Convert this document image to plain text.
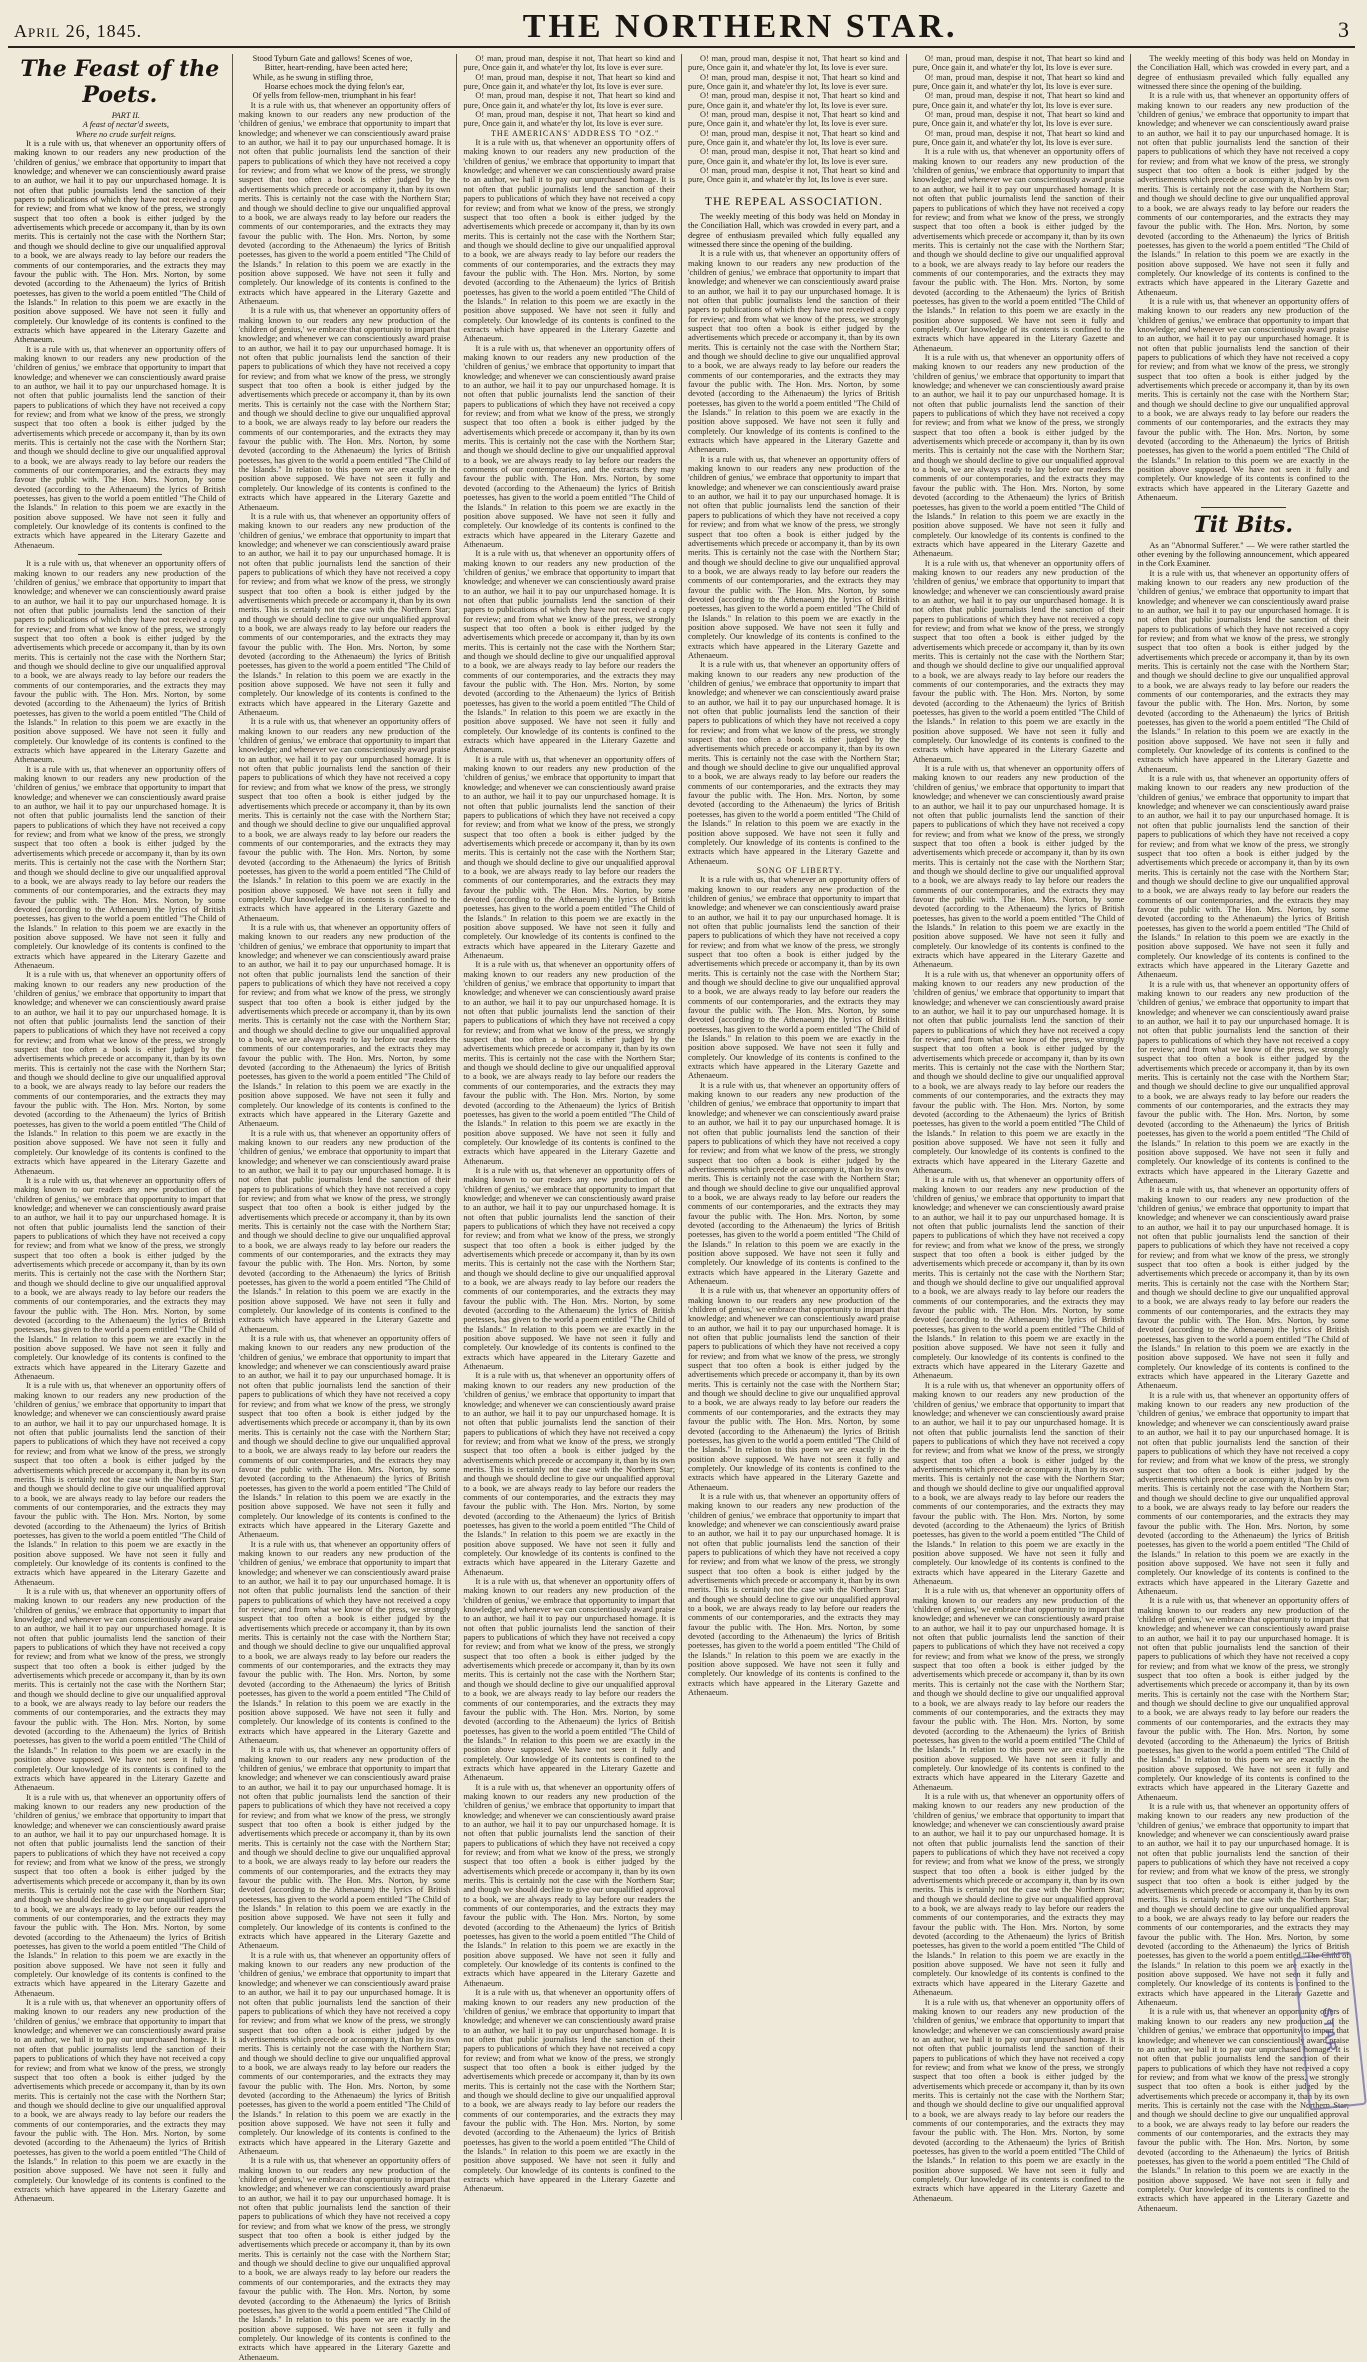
April 26, 1845.	THE NORTHERN STAR.	3
The Feast of the Poets.

PART II.

A feast of nectar'd sweets,

Where no crude surfeit reigns.

It is a rule with us, that whenever an opportunity offers of making known to our readers any new production of the 'children of genius,' we embrace that opportunity to impart that knowledge; and whenever we can conscientiously award praise to an author, we hail it to pay our unpurchased homage. It is not often that public journalists lend the sanction of their papers to publications of which they have not received a copy for review; and from what we know of the press, we strongly suspect that too often a book is either judged by the advertisements which precede or accompany it, than by its own merits. This is certainly not the case with the Northern Star; and though we should decline to give our unqualified approval to a book, we are always ready to lay before our readers the comments of our contemporaries, and the extracts they may favour the public with. The Hon. Mrs. Norton, by some devoted (according to the Athenaeum) the lyrics of British poetesses, has given to the world a poem entitled "The Child of the Islands." In relation to this poem we are exactly in the position above supposed. We have not seen it fully and completely. Our knowledge of its contents is confined to the extracts which have appeared in the Literary Gazette and Athenaeum.

It is a rule with us, that whenever an opportunity offers of making known to our readers any new production of the 'children of genius,' we embrace that opportunity to impart that knowledge; and whenever we can conscientiously award praise to an author, we hail it to pay our unpurchased homage. It is not often that public journalists lend the sanction of their papers to publications of which they have not received a copy for review; and from what we know of the press, we strongly suspect that too often a book is either judged by the advertisements which precede or accompany it, than by its own merits. This is certainly not the case with the Northern Star; and though we should decline to give our unqualified approval to a book, we are always ready to lay before our readers the comments of our contemporaries, and the extracts they may favour the public with. The Hon. Mrs. Norton, by some devoted (according to the Athenaeum) the lyrics of British poetesses, has given to the world a poem entitled "The Child of the Islands." In relation to this poem we are exactly in the position above supposed. We have not seen it fully and completely. Our knowledge of its contents is confined to the extracts which have appeared in the Literary Gazette and Athenaeum.

It is a rule with us, that whenever an opportunity offers of making known to our readers any new production of the 'children of genius,' we embrace that opportunity to impart that knowledge; and whenever we can conscientiously award praise to an author, we hail it to pay our unpurchased homage. It is not often that public journalists lend the sanction of their papers to publications of which they have not received a copy for review; and from what we know of the press, we strongly suspect that too often a book is either judged by the advertisements which precede or accompany it, than by its own merits. This is certainly not the case with the Northern Star; and though we should decline to give our unqualified approval to a book, we are always ready to lay before our readers the comments of our contemporaries, and the extracts they may favour the public with. The Hon. Mrs. Norton, by some devoted (according to the Athenaeum) the lyrics of British poetesses, has given to the world a poem entitled "The Child of the Islands." In relation to this poem we are exactly in the position above supposed. We have not seen it fully and completely. Our knowledge of its contents is confined to the extracts which have appeared in the Literary Gazette and Athenaeum.

It is a rule with us, that whenever an opportunity offers of making known to our readers any new production of the 'children of genius,' we embrace that opportunity to impart that knowledge; and whenever we can conscientiously award praise to an author, we hail it to pay our unpurchased homage. It is not often that public journalists lend the sanction of their papers to publications of which they have not received a copy for review; and from what we know of the press, we strongly suspect that too often a book is either judged by the advertisements which precede or accompany it, than by its own merits. This is certainly not the case with the Northern Star; and though we should decline to give our unqualified approval to a book, we are always ready to lay before our readers the comments of our contemporaries, and the extracts they may favour the public with. The Hon. Mrs. Norton, by some devoted (according to the Athenaeum) the lyrics of British poetesses, has given to the world a poem entitled "The Child of the Islands." In relation to this poem we are exactly in the position above supposed. We have not seen it fully and completely. Our knowledge of its contents is confined to the extracts which have appeared in the Literary Gazette and Athenaeum.

It is a rule with us, that whenever an opportunity offers of making known to our readers any new production of the 'children of genius,' we embrace that opportunity to impart that knowledge; and whenever we can conscientiously award praise to an author, we hail it to pay our unpurchased homage. It is not often that public journalists lend the sanction of their papers to publications of which they have not received a copy for review; and from what we know of the press, we strongly suspect that too often a book is either judged by the advertisements which precede or accompany it, than by its own merits. This is certainly not the case with the Northern Star; and though we should decline to give our unqualified approval to a book, we are always ready to lay before our readers the comments of our contemporaries, and the extracts they may favour the public with. The Hon. Mrs. Norton, by some devoted (according to the Athenaeum) the lyrics of British poetesses, has given to the world a poem entitled "The Child of the Islands." In relation to this poem we are exactly in the position above supposed. We have not seen it fully and completely. Our knowledge of its contents is confined to the extracts which have appeared in the Literary Gazette and Athenaeum.

It is a rule with us, that whenever an opportunity offers of making known to our readers any new production of the 'children of genius,' we embrace that opportunity to impart that knowledge; and whenever we can conscientiously award praise to an author, we hail it to pay our unpurchased homage. It is not often that public journalists lend the sanction of their papers to publications of which they have not received a copy for review; and from what we know of the press, we strongly suspect that too often a book is either judged by the advertisements which precede or accompany it, than by its own merits. This is certainly not the case with the Northern Star; and though we should decline to give our unqualified approval to a book, we are always ready to lay before our readers the comments of our contemporaries, and the extracts they may favour the public with. The Hon. Mrs. Norton, by some devoted (according to the Athenaeum) the lyrics of British poetesses, has given to the world a poem entitled "The Child of the Islands." In relation to this poem we are exactly in the position above supposed. We have not seen it fully and completely. Our knowledge of its contents is confined to the extracts which have appeared in the Literary Gazette and Athenaeum.

It is a rule with us, that whenever an opportunity offers of making known to our readers any new production of the 'children of genius,' we embrace that opportunity to impart that knowledge; and whenever we can conscientiously award praise to an author, we hail it to pay our unpurchased homage. It is not often that public journalists lend the sanction of their papers to publications of which they have not received a copy for review; and from what we know of the press, we strongly suspect that too often a book is either judged by the advertisements which precede or accompany it, than by its own merits. This is certainly not the case with the Northern Star; and though we should decline to give our unqualified approval to a book, we are always ready to lay before our readers the comments of our contemporaries, and the extracts they may favour the public with. The Hon. Mrs. Norton, by some devoted (according to the Athenaeum) the lyrics of British poetesses, has given to the world a poem entitled "The Child of the Islands." In relation to this poem we are exactly in the position above supposed. We have not seen it fully and completely. Our knowledge of its contents is confined to the extracts which have appeared in the Literary Gazette and Athenaeum.

It is a rule with us, that whenever an opportunity offers of making known to our readers any new production of the 'children of genius,' we embrace that opportunity to impart that knowledge; and whenever we can conscientiously award praise to an author, we hail it to pay our unpurchased homage. It is not often that public journalists lend the sanction of their papers to publications of which they have not received a copy for review; and from what we know of the press, we strongly suspect that too often a book is either judged by the advertisements which precede or accompany it, than by its own merits. This is certainly not the case with the Northern Star; and though we should decline to give our unqualified approval to a book, we are always ready to lay before our readers the comments of our contemporaries, and the extracts they may favour the public with. The Hon. Mrs. Norton, by some devoted (according to the Athenaeum) the lyrics of British poetesses, has given to the world a poem entitled "The Child of the Islands." In relation to this poem we are exactly in the position above supposed. We have not seen it fully and completely. Our knowledge of its contents is confined to the extracts which have appeared in the Literary Gazette and Athenaeum.

It is a rule with us, that whenever an opportunity offers of making known to our readers any new production of the 'children of genius,' we embrace that opportunity to impart that knowledge; and whenever we can conscientiously award praise to an author, we hail it to pay our unpurchased homage. It is not often that public journalists lend the sanction of their papers to publications of which they have not received a copy for review; and from what we know of the press, we strongly suspect that too often a book is either judged by the advertisements which precede or accompany it, than by its own merits. This is certainly not the case with the Northern Star; and though we should decline to give our unqualified approval to a book, we are always ready to lay before our readers the comments of our contemporaries, and the extracts they may favour the public with. The Hon. Mrs. Norton, by some devoted (according to the Athenaeum) the lyrics of British poetesses, has given to the world a poem entitled "The Child of the Islands." In relation to this poem we are exactly in the position above supposed. We have not seen it fully and completely. Our knowledge of its contents is confined to the extracts which have appeared in the Literary Gazette and Athenaeum.

It is a rule with us, that whenever an opportunity offers of making known to our readers any new production of the 'children of genius,' we embrace that opportunity to impart that knowledge; and whenever we can conscientiously award praise to an author, we hail it to pay our unpurchased homage. It is not often that public journalists lend the sanction of their papers to publications of which they have not received a copy for review; and from what we know of the press, we strongly suspect that too often a book is either judged by the advertisements which precede or accompany it, than by its own merits. This is certainly not the case with the Northern Star; and though we should decline to give our unqualified approval to a book, we are always ready to lay before our readers the comments of our contemporaries, and the extracts they may favour the public with. The Hon. Mrs. Norton, by some devoted (according to the Athenaeum) the lyrics of British poetesses, has given to the world a poem entitled "The Child of the Islands." In relation to this poem we are exactly in the position above supposed. We have not seen it fully and completely. Our knowledge of its contents is confined to the extracts which have appeared in the Literary Gazette and Athenaeum.

Stood Tyburn Gate and gallows! Scenes of woe,

Bitter, heart-rending, have been acted here;

While, as he swung in stifling throe,

Hoarse echoes mock the dying felon's ear,

Of yells from fellow-men, triumphant in his fear!

It is a rule with us, that whenever an opportunity offers of making known to our readers any new production of the 'children of genius,' we embrace that opportunity to impart that knowledge; and whenever we can conscientiously award praise to an author, we hail it to pay our unpurchased homage. It is not often that public journalists lend the sanction of their papers to publications of which they have not received a copy for review; and from what we know of the press, we strongly suspect that too often a book is either judged by the advertisements which precede or accompany it, than by its own merits. This is certainly not the case with the Northern Star; and though we should decline to give our unqualified approval to a book, we are always ready to lay before our readers the comments of our contemporaries, and the extracts they may favour the public with. The Hon. Mrs. Norton, by some devoted (according to the Athenaeum) the lyrics of British poetesses, has given to the world a poem entitled "The Child of the Islands." In relation to this poem we are exactly in the position above supposed. We have not seen it fully and completely. Our knowledge of its contents is confined to the extracts which have appeared in the Literary Gazette and Athenaeum.

It is a rule with us, that whenever an opportunity offers of making known to our readers any new production of the 'children of genius,' we embrace that opportunity to impart that knowledge; and whenever we can conscientiously award praise to an author, we hail it to pay our unpurchased homage. It is not often that public journalists lend the sanction of their papers to publications of which they have not received a copy for review; and from what we know of the press, we strongly suspect that too often a book is either judged by the advertisements which precede or accompany it, than by its own merits. This is certainly not the case with the Northern Star; and though we should decline to give our unqualified approval to a book, we are always ready to lay before our readers the comments of our contemporaries, and the extracts they may favour the public with. The Hon. Mrs. Norton, by some devoted (according to the Athenaeum) the lyrics of British poetesses, has given to the world a poem entitled "The Child of the Islands." In relation to this poem we are exactly in the position above supposed. We have not seen it fully and completely. Our knowledge of its contents is confined to the extracts which have appeared in the Literary Gazette and Athenaeum.

It is a rule with us, that whenever an opportunity offers of making known to our readers any new production of the 'children of genius,' we embrace that opportunity to impart that knowledge; and whenever we can conscientiously award praise to an author, we hail it to pay our unpurchased homage. It is not often that public journalists lend the sanction of their papers to publications of which they have not received a copy for review; and from what we know of the press, we strongly suspect that too often a book is either judged by the advertisements which precede or accompany it, than by its own merits. This is certainly not the case with the Northern Star; and though we should decline to give our unqualified approval to a book, we are always ready to lay before our readers the comments of our contemporaries, and the extracts they may favour the public with. The Hon. Mrs. Norton, by some devoted (according to the Athenaeum) the lyrics of British poetesses, has given to the world a poem entitled "The Child of the Islands." In relation to this poem we are exactly in the position above supposed. We have not seen it fully and completely. Our knowledge of its contents is confined to the extracts which have appeared in the Literary Gazette and Athenaeum.

It is a rule with us, that whenever an opportunity offers of making known to our readers any new production of the 'children of genius,' we embrace that opportunity to impart that knowledge; and whenever we can conscientiously award praise to an author, we hail it to pay our unpurchased homage. It is not often that public journalists lend the sanction of their papers to publications of which they have not received a copy for review; and from what we know of the press, we strongly suspect that too often a book is either judged by the advertisements which precede or accompany it, than by its own merits. This is certainly not the case with the Northern Star; and though we should decline to give our unqualified approval to a book, we are always ready to lay before our readers the comments of our contemporaries, and the extracts they may favour the public with. The Hon. Mrs. Norton, by some devoted (according to the Athenaeum) the lyrics of British poetesses, has given to the world a poem entitled "The Child of the Islands." In relation to this poem we are exactly in the position above supposed. We have not seen it fully and completely. Our knowledge of its contents is confined to the extracts which have appeared in the Literary Gazette and Athenaeum.

It is a rule with us, that whenever an opportunity offers of making known to our readers any new production of the 'children of genius,' we embrace that opportunity to impart that knowledge; and whenever we can conscientiously award praise to an author, we hail it to pay our unpurchased homage. It is not often that public journalists lend the sanction of their papers to publications of which they have not received a copy for review; and from what we know of the press, we strongly suspect that too often a book is either judged by the advertisements which precede or accompany it, than by its own merits. This is certainly not the case with the Northern Star; and though we should decline to give our unqualified approval to a book, we are always ready to lay before our readers the comments of our contemporaries, and the extracts they may favour the public with. The Hon. Mrs. Norton, by some devoted (according to the Athenaeum) the lyrics of British poetesses, has given to the world a poem entitled "The Child of the Islands." In relation to this poem we are exactly in the position above supposed. We have not seen it fully and completely. Our knowledge of its contents is confined to the extracts which have appeared in the Literary Gazette and Athenaeum.

It is a rule with us, that whenever an opportunity offers of making known to our readers any new production of the 'children of genius,' we embrace that opportunity to impart that knowledge; and whenever we can conscientiously award praise to an author, we hail it to pay our unpurchased homage. It is not often that public journalists lend the sanction of their papers to publications of which they have not received a copy for review; and from what we know of the press, we strongly suspect that too often a book is either judged by the advertisements which precede or accompany it, than by its own merits. This is certainly not the case with the Northern Star; and though we should decline to give our unqualified approval to a book, we are always ready to lay before our readers the comments of our contemporaries, and the extracts they may favour the public with. The Hon. Mrs. Norton, by some devoted (according to the Athenaeum) the lyrics of British poetesses, has given to the world a poem entitled "The Child of the Islands." In relation to this poem we are exactly in the position above supposed. We have not seen it fully and completely. Our knowledge of its contents is confined to the extracts which have appeared in the Literary Gazette and Athenaeum.

It is a rule with us, that whenever an opportunity offers of making known to our readers any new production of the 'children of genius,' we embrace that opportunity to impart that knowledge; and whenever we can conscientiously award praise to an author, we hail it to pay our unpurchased homage. It is not often that public journalists lend the sanction of their papers to publications of which they have not received a copy for review; and from what we know of the press, we strongly suspect that too often a book is either judged by the advertisements which precede or accompany it, than by its own merits. This is certainly not the case with the Northern Star; and though we should decline to give our unqualified approval to a book, we are always ready to lay before our readers the comments of our contemporaries, and the extracts they may favour the public with. The Hon. Mrs. Norton, by some devoted (according to the Athenaeum) the lyrics of British poetesses, has given to the world a poem entitled "The Child of the Islands." In relation to this poem we are exactly in the position above supposed. We have not seen it fully and completely. Our knowledge of its contents is confined to the extracts which have appeared in the Literary Gazette and Athenaeum.

It is a rule with us, that whenever an opportunity offers of making known to our readers any new production of the 'children of genius,' we embrace that opportunity to impart that knowledge; and whenever we can conscientiously award praise to an author, we hail it to pay our unpurchased homage. It is not often that public journalists lend the sanction of their papers to publications of which they have not received a copy for review; and from what we know of the press, we strongly suspect that too often a book is either judged by the advertisements which precede or accompany it, than by its own merits. This is certainly not the case with the Northern Star; and though we should decline to give our unqualified approval to a book, we are always ready to lay before our readers the comments of our contemporaries, and the extracts they may favour the public with. The Hon. Mrs. Norton, by some devoted (according to the Athenaeum) the lyrics of British poetesses, has given to the world a poem entitled "The Child of the Islands." In relation to this poem we are exactly in the position above supposed. We have not seen it fully and completely. Our knowledge of its contents is confined to the extracts which have appeared in the Literary Gazette and Athenaeum.

It is a rule with us, that whenever an opportunity offers of making known to our readers any new production of the 'children of genius,' we embrace that opportunity to impart that knowledge; and whenever we can conscientiously award praise to an author, we hail it to pay our unpurchased homage. It is not often that public journalists lend the sanction of their papers to publications of which they have not received a copy for review; and from what we know of the press, we strongly suspect that too often a book is either judged by the advertisements which precede or accompany it, than by its own merits. This is certainly not the case with the Northern Star; and though we should decline to give our unqualified approval to a book, we are always ready to lay before our readers the comments of our contemporaries, and the extracts they may favour the public with. The Hon. Mrs. Norton, by some devoted (according to the Athenaeum) the lyrics of British poetesses, has given to the world a poem entitled "The Child of the Islands." In relation to this poem we are exactly in the position above supposed. We have not seen it fully and completely. Our knowledge of its contents is confined to the extracts which have appeared in the Literary Gazette and Athenaeum.

It is a rule with us, that whenever an opportunity offers of making known to our readers any new production of the 'children of genius,' we embrace that opportunity to impart that knowledge; and whenever we can conscientiously award praise to an author, we hail it to pay our unpurchased homage. It is not often that public journalists lend the sanction of their papers to publications of which they have not received a copy for review; and from what we know of the press, we strongly suspect that too often a book is either judged by the advertisements which precede or accompany it, than by its own merits. This is certainly not the case with the Northern Star; and though we should decline to give our unqualified approval to a book, we are always ready to lay before our readers the comments of our contemporaries, and the extracts they may favour the public with. The Hon. Mrs. Norton, by some devoted (according to the Athenaeum) the lyrics of British poetesses, has given to the world a poem entitled "The Child of the Islands." In relation to this poem we are exactly in the position above supposed. We have not seen it fully and completely. Our knowledge of its contents is confined to the extracts which have appeared in the Literary Gazette and Athenaeum.

It is a rule with us, that whenever an opportunity offers of making known to our readers any new production of the 'children of genius,' we embrace that opportunity to impart that knowledge; and whenever we can conscientiously award praise to an author, we hail it to pay our unpurchased homage. It is not often that public journalists lend the sanction of their papers to publications of which they have not received a copy for review; and from what we know of the press, we strongly suspect that too often a book is either judged by the advertisements which precede or accompany it, than by its own merits. This is certainly not the case with the Northern Star; and though we should decline to give our unqualified approval to a book, we are always ready to lay before our readers the comments of our contemporaries, and the extracts they may favour the public with. The Hon. Mrs. Norton, by some devoted (according to the Athenaeum) the lyrics of British poetesses, has given to the world a poem entitled "The Child of the Islands." In relation to this poem we are exactly in the position above supposed. We have not seen it fully and completely. Our knowledge of its contents is confined to the extracts which have appeared in the Literary Gazette and Athenaeum.

O! man, proud man, despise it not, That heart so kind and pure, Once gain it, and whate'er thy lot, Its love is ever sure.

O! man, proud man, despise it not, That heart so kind and pure, Once gain it, and whate'er thy lot, Its love is ever sure.

O! man, proud man, despise it not, That heart so kind and pure, Once gain it, and whate'er thy lot, Its love is ever sure.

O! man, proud man, despise it not, That heart so kind and pure, Once gain it, and whate'er thy lot, Its love is ever sure.

THE AMERICANS' ADDRESS TO "OZ."

It is a rule with us, that whenever an opportunity offers of making known to our readers any new production of the 'children of genius,' we embrace that opportunity to impart that knowledge; and whenever we can conscientiously award praise to an author, we hail it to pay our unpurchased homage. It is not often that public journalists lend the sanction of their papers to publications of which they have not received a copy for review; and from what we know of the press, we strongly suspect that too often a book is either judged by the advertisements which precede or accompany it, than by its own merits. This is certainly not the case with the Northern Star; and though we should decline to give our unqualified approval to a book, we are always ready to lay before our readers the comments of our contemporaries, and the extracts they may favour the public with. The Hon. Mrs. Norton, by some devoted (according to the Athenaeum) the lyrics of British poetesses, has given to the world a poem entitled "The Child of the Islands." In relation to this poem we are exactly in the position above supposed. We have not seen it fully and completely. Our knowledge of its contents is confined to the extracts which have appeared in the Literary Gazette and Athenaeum.

It is a rule with us, that whenever an opportunity offers of making known to our readers any new production of the 'children of genius,' we embrace that opportunity to impart that knowledge; and whenever we can conscientiously award praise to an author, we hail it to pay our unpurchased homage. It is not often that public journalists lend the sanction of their papers to publications of which they have not received a copy for review; and from what we know of the press, we strongly suspect that too often a book is either judged by the advertisements which precede or accompany it, than by its own merits. This is certainly not the case with the Northern Star; and though we should decline to give our unqualified approval to a book, we are always ready to lay before our readers the comments of our contemporaries, and the extracts they may favour the public with. The Hon. Mrs. Norton, by some devoted (according to the Athenaeum) the lyrics of British poetesses, has given to the world a poem entitled "The Child of the Islands." In relation to this poem we are exactly in the position above supposed. We have not seen it fully and completely. Our knowledge of its contents is confined to the extracts which have appeared in the Literary Gazette and Athenaeum.

It is a rule with us, that whenever an opportunity offers of making known to our readers any new production of the 'children of genius,' we embrace that opportunity to impart that knowledge; and whenever we can conscientiously award praise to an author, we hail it to pay our unpurchased homage. It is not often that public journalists lend the sanction of their papers to publications of which they have not received a copy for review; and from what we know of the press, we strongly suspect that too often a book is either judged by the advertisements which precede or accompany it, than by its own merits. This is certainly not the case with the Northern Star; and though we should decline to give our unqualified approval to a book, we are always ready to lay before our readers the comments of our contemporaries, and the extracts they may favour the public with. The Hon. Mrs. Norton, by some devoted (according to the Athenaeum) the lyrics of British poetesses, has given to the world a poem entitled "The Child of the Islands." In relation to this poem we are exactly in the position above supposed. We have not seen it fully and completely. Our knowledge of its contents is confined to the extracts which have appeared in the Literary Gazette and Athenaeum.

It is a rule with us, that whenever an opportunity offers of making known to our readers any new production of the 'children of genius,' we embrace that opportunity to impart that knowledge; and whenever we can conscientiously award praise to an author, we hail it to pay our unpurchased homage. It is not often that public journalists lend the sanction of their papers to publications of which they have not received a copy for review; and from what we know of the press, we strongly suspect that too often a book is either judged by the advertisements which precede or accompany it, than by its own merits. This is certainly not the case with the Northern Star; and though we should decline to give our unqualified approval to a book, we are always ready to lay before our readers the comments of our contemporaries, and the extracts they may favour the public with. The Hon. Mrs. Norton, by some devoted (according to the Athenaeum) the lyrics of British poetesses, has given to the world a poem entitled "The Child of the Islands." In relation to this poem we are exactly in the position above supposed. We have not seen it fully and completely. Our knowledge of its contents is confined to the extracts which have appeared in the Literary Gazette and Athenaeum.

It is a rule with us, that whenever an opportunity offers of making known to our readers any new production of the 'children of genius,' we embrace that opportunity to impart that knowledge; and whenever we can conscientiously award praise to an author, we hail it to pay our unpurchased homage. It is not often that public journalists lend the sanction of their papers to publications of which they have not received a copy for review; and from what we know of the press, we strongly suspect that too often a book is either judged by the advertisements which precede or accompany it, than by its own merits. This is certainly not the case with the Northern Star; and though we should decline to give our unqualified approval to a book, we are always ready to lay before our readers the comments of our contemporaries, and the extracts they may favour the public with. The Hon. Mrs. Norton, by some devoted (according to the Athenaeum) the lyrics of British poetesses, has given to the world a poem entitled "The Child of the Islands." In relation to this poem we are exactly in the position above supposed. We have not seen it fully and completely. Our knowledge of its contents is confined to the extracts which have appeared in the Literary Gazette and Athenaeum.

It is a rule with us, that whenever an opportunity offers of making known to our readers any new production of the 'children of genius,' we embrace that opportunity to impart that knowledge; and whenever we can conscientiously award praise to an author, we hail it to pay our unpurchased homage. It is not often that public journalists lend the sanction of their papers to publications of which they have not received a copy for review; and from what we know of the press, we strongly suspect that too often a book is either judged by the advertisements which precede or accompany it, than by its own merits. This is certainly not the case with the Northern Star; and though we should decline to give our unqualified approval to a book, we are always ready to lay before our readers the comments of our contemporaries, and the extracts they may favour the public with. The Hon. Mrs. Norton, by some devoted (according to the Athenaeum) the lyrics of British poetesses, has given to the world a poem entitled "The Child of the Islands." In relation to this poem we are exactly in the position above supposed. We have not seen it fully and completely. Our knowledge of its contents is confined to the extracts which have appeared in the Literary Gazette and Athenaeum.

It is a rule with us, that whenever an opportunity offers of making known to our readers any new production of the 'children of genius,' we embrace that opportunity to impart that knowledge; and whenever we can conscientiously award praise to an author, we hail it to pay our unpurchased homage. It is not often that public journalists lend the sanction of their papers to publications of which they have not received a copy for review; and from what we know of the press, we strongly suspect that too often a book is either judged by the advertisements which precede or accompany it, than by its own merits. This is certainly not the case with the Northern Star; and though we should decline to give our unqualified approval to a book, we are always ready to lay before our readers the comments of our contemporaries, and the extracts they may favour the public with. The Hon. Mrs. Norton, by some devoted (according to the Athenaeum) the lyrics of British poetesses, has given to the world a poem entitled "The Child of the Islands." In relation to this poem we are exactly in the position above supposed. We have not seen it fully and completely. Our knowledge of its contents is confined to the extracts which have appeared in the Literary Gazette and Athenaeum.

It is a rule with us, that whenever an opportunity offers of making known to our readers any new production of the 'children of genius,' we embrace that opportunity to impart that knowledge; and whenever we can conscientiously award praise to an author, we hail it to pay our unpurchased homage. It is not often that public journalists lend the sanction of their papers to publications of which they have not received a copy for review; and from what we know of the press, we strongly suspect that too often a book is either judged by the advertisements which precede or accompany it, than by its own merits. This is certainly not the case with the Northern Star; and though we should decline to give our unqualified approval to a book, we are always ready to lay before our readers the comments of our contemporaries, and the extracts they may favour the public with. The Hon. Mrs. Norton, by some devoted (according to the Athenaeum) the lyrics of British poetesses, has given to the world a poem entitled "The Child of the Islands." In relation to this poem we are exactly in the position above supposed. We have not seen it fully and completely. Our knowledge of its contents is confined to the extracts which have appeared in the Literary Gazette and Athenaeum.

It is a rule with us, that whenever an opportunity offers of making known to our readers any new production of the 'children of genius,' we embrace that opportunity to impart that knowledge; and whenever we can conscientiously award praise to an author, we hail it to pay our unpurchased homage. It is not often that public journalists lend the sanction of their papers to publications of which they have not received a copy for review; and from what we know of the press, we strongly suspect that too often a book is either judged by the advertisements which precede or accompany it, than by its own merits. This is certainly not the case with the Northern Star; and though we should decline to give our unqualified approval to a book, we are always ready to lay before our readers the comments of our contemporaries, and the extracts they may favour the public with. The Hon. Mrs. Norton, by some devoted (according to the Athenaeum) the lyrics of British poetesses, has given to the world a poem entitled "The Child of the Islands." In relation to this poem we are exactly in the position above supposed. We have not seen it fully and completely. Our knowledge of its contents is confined to the extracts which have appeared in the Literary Gazette and Athenaeum.

It is a rule with us, that whenever an opportunity offers of making known to our readers any new production of the 'children of genius,' we embrace that opportunity to impart that knowledge; and whenever we can conscientiously award praise to an author, we hail it to pay our unpurchased homage. It is not often that public journalists lend the sanction of their papers to publications of which they have not received a copy for review; and from what we know of the press, we strongly suspect that too often a book is either judged by the advertisements which precede or accompany it, than by its own merits. This is certainly not the case with the Northern Star; and though we should decline to give our unqualified approval to a book, we are always ready to lay before our readers the comments of our contemporaries, and the extracts they may favour the public with. The Hon. Mrs. Norton, by some devoted (according to the Athenaeum) the lyrics of British poetesses, has given to the world a poem entitled "The Child of the Islands." In relation to this poem we are exactly in the position above supposed. We have not seen it fully and completely. Our knowledge of its contents is confined to the extracts which have appeared in the Literary Gazette and Athenaeum.

O! man, proud man, despise it not, That heart so kind and pure, Once gain it, and whate'er thy lot, Its love is ever sure.

O! man, proud man, despise it not, That heart so kind and pure, Once gain it, and whate'er thy lot, Its love is ever sure.

O! man, proud man, despise it not, That heart so kind and pure, Once gain it, and whate'er thy lot, Its love is ever sure.

O! man, proud man, despise it not, That heart so kind and pure, Once gain it, and whate'er thy lot, Its love is ever sure.

O! man, proud man, despise it not, That heart so kind and pure, Once gain it, and whate'er thy lot, Its love is ever sure.

O! man, proud man, despise it not, That heart so kind and pure, Once gain it, and whate'er thy lot, Its love is ever sure.

O! man, proud man, despise it not, That heart so kind and pure, Once gain it, and whate'er thy lot, Its love is ever sure.

THE REPEAL ASSOCIATION.

The weekly meeting of this body was held on Monday in the Conciliation Hall, which was crowded in every part, and a degree of enthusiasm prevailed which fully equalled any witnessed there since the opening of the building.

It is a rule with us, that whenever an opportunity offers of making known to our readers any new production of the 'children of genius,' we embrace that opportunity to impart that knowledge; and whenever we can conscientiously award praise to an author, we hail it to pay our unpurchased homage. It is not often that public journalists lend the sanction of their papers to publications of which they have not received a copy for review; and from what we know of the press, we strongly suspect that too often a book is either judged by the advertisements which precede or accompany it, than by its own merits. This is certainly not the case with the Northern Star; and though we should decline to give our unqualified approval to a book, we are always ready to lay before our readers the comments of our contemporaries, and the extracts they may favour the public with. The Hon. Mrs. Norton, by some devoted (according to the Athenaeum) the lyrics of British poetesses, has given to the world a poem entitled "The Child of the Islands." In relation to this poem we are exactly in the position above supposed. We have not seen it fully and completely. Our knowledge of its contents is confined to the extracts which have appeared in the Literary Gazette and Athenaeum.

It is a rule with us, that whenever an opportunity offers of making known to our readers any new production of the 'children of genius,' we embrace that opportunity to impart that knowledge; and whenever we can conscientiously award praise to an author, we hail it to pay our unpurchased homage. It is not often that public journalists lend the sanction of their papers to publications of which they have not received a copy for review; and from what we know of the press, we strongly suspect that too often a book is either judged by the advertisements which precede or accompany it, than by its own merits. This is certainly not the case with the Northern Star; and though we should decline to give our unqualified approval to a book, we are always ready to lay before our readers the comments of our contemporaries, and the extracts they may favour the public with. The Hon. Mrs. Norton, by some devoted (according to the Athenaeum) the lyrics of British poetesses, has given to the world a poem entitled "The Child of the Islands." In relation to this poem we are exactly in the position above supposed. We have not seen it fully and completely. Our knowledge of its contents is confined to the extracts which have appeared in the Literary Gazette and Athenaeum.

It is a rule with us, that whenever an opportunity offers of making known to our readers any new production of the 'children of genius,' we embrace that opportunity to impart that knowledge; and whenever we can conscientiously award praise to an author, we hail it to pay our unpurchased homage. It is not often that public journalists lend the sanction of their papers to publications of which they have not received a copy for review; and from what we know of the press, we strongly suspect that too often a book is either judged by the advertisements which precede or accompany it, than by its own merits. This is certainly not the case with the Northern Star; and though we should decline to give our unqualified approval to a book, we are always ready to lay before our readers the comments of our contemporaries, and the extracts they may favour the public with. The Hon. Mrs. Norton, by some devoted (according to the Athenaeum) the lyrics of British poetesses, has given to the world a poem entitled "The Child of the Islands." In relation to this poem we are exactly in the position above supposed. We have not seen it fully and completely. Our knowledge of its contents is confined to the extracts which have appeared in the Literary Gazette and Athenaeum.

SONG OF LIBERTY.

It is a rule with us, that whenever an opportunity offers of making known to our readers any new production of the 'children of genius,' we embrace that opportunity to impart that knowledge; and whenever we can conscientiously award praise to an author, we hail it to pay our unpurchased homage. It is not often that public journalists lend the sanction of their papers to publications of which they have not received a copy for review; and from what we know of the press, we strongly suspect that too often a book is either judged by the advertisements which precede or accompany it, than by its own merits. This is certainly not the case with the Northern Star; and though we should decline to give our unqualified approval to a book, we are always ready to lay before our readers the comments of our contemporaries, and the extracts they may favour the public with. The Hon. Mrs. Norton, by some devoted (according to the Athenaeum) the lyrics of British poetesses, has given to the world a poem entitled "The Child of the Islands." In relation to this poem we are exactly in the position above supposed. We have not seen it fully and completely. Our knowledge of its contents is confined to the extracts which have appeared in the Literary Gazette and Athenaeum.

It is a rule with us, that whenever an opportunity offers of making known to our readers any new production of the 'children of genius,' we embrace that opportunity to impart that knowledge; and whenever we can conscientiously award praise to an author, we hail it to pay our unpurchased homage. It is not often that public journalists lend the sanction of their papers to publications of which they have not received a copy for review; and from what we know of the press, we strongly suspect that too often a book is either judged by the advertisements which precede or accompany it, than by its own merits. This is certainly not the case with the Northern Star; and though we should decline to give our unqualified approval to a book, we are always ready to lay before our readers the comments of our contemporaries, and the extracts they may favour the public with. The Hon. Mrs. Norton, by some devoted (according to the Athenaeum) the lyrics of British poetesses, has given to the world a poem entitled "The Child of the Islands." In relation to this poem we are exactly in the position above supposed. We have not seen it fully and completely. Our knowledge of its contents is confined to the extracts which have appeared in the Literary Gazette and Athenaeum.

It is a rule with us, that whenever an opportunity offers of making known to our readers any new production of the 'children of genius,' we embrace that opportunity to impart that knowledge; and whenever we can conscientiously award praise to an author, we hail it to pay our unpurchased homage. It is not often that public journalists lend the sanction of their papers to publications of which they have not received a copy for review; and from what we know of the press, we strongly suspect that too often a book is either judged by the advertisements which precede or accompany it, than by its own merits. This is certainly not the case with the Northern Star; and though we should decline to give our unqualified approval to a book, we are always ready to lay before our readers the comments of our contemporaries, and the extracts they may favour the public with. The Hon. Mrs. Norton, by some devoted (according to the Athenaeum) the lyrics of British poetesses, has given to the world a poem entitled "The Child of the Islands." In relation to this poem we are exactly in the position above supposed. We have not seen it fully and completely. Our knowledge of its contents is confined to the extracts which have appeared in the Literary Gazette and Athenaeum.

It is a rule with us, that whenever an opportunity offers of making known to our readers any new production of the 'children of genius,' we embrace that opportunity to impart that knowledge; and whenever we can conscientiously award praise to an author, we hail it to pay our unpurchased homage. It is not often that public journalists lend the sanction of their papers to publications of which they have not received a copy for review; and from what we know of the press, we strongly suspect that too often a book is either judged by the advertisements which precede or accompany it, than by its own merits. This is certainly not the case with the Northern Star; and though we should decline to give our unqualified approval to a book, we are always ready to lay before our readers the comments of our contemporaries, and the extracts they may favour the public with. The Hon. Mrs. Norton, by some devoted (according to the Athenaeum) the lyrics of British poetesses, has given to the world a poem entitled "The Child of the Islands." In relation to this poem we are exactly in the position above supposed. We have not seen it fully and completely. Our knowledge of its contents is confined to the extracts which have appeared in the Literary Gazette and Athenaeum.

O! man, proud man, despise it not, That heart so kind and pure, Once gain it, and whate'er thy lot, Its love is ever sure.

O! man, proud man, despise it not, That heart so kind and pure, Once gain it, and whate'er thy lot, Its love is ever sure.

O! man, proud man, despise it not, That heart so kind and pure, Once gain it, and whate'er thy lot, Its love is ever sure.

O! man, proud man, despise it not, That heart so kind and pure, Once gain it, and whate'er thy lot, Its love is ever sure.

O! man, proud man, despise it not, That heart so kind and pure, Once gain it, and whate'er thy lot, Its love is ever sure.

It is a rule with us, that whenever an opportunity offers of making known to our readers any new production of the 'children of genius,' we embrace that opportunity to impart that knowledge; and whenever we can conscientiously award praise to an author, we hail it to pay our unpurchased homage. It is not often that public journalists lend the sanction of their papers to publications of which they have not received a copy for review; and from what we know of the press, we strongly suspect that too often a book is either judged by the advertisements which precede or accompany it, than by its own merits. This is certainly not the case with the Northern Star; and though we should decline to give our unqualified approval to a book, we are always ready to lay before our readers the comments of our contemporaries, and the extracts they may favour the public with. The Hon. Mrs. Norton, by some devoted (according to the Athenaeum) the lyrics of British poetesses, has given to the world a poem entitled "The Child of the Islands." In relation to this poem we are exactly in the position above supposed. We have not seen it fully and completely. Our knowledge of its contents is confined to the extracts which have appeared in the Literary Gazette and Athenaeum.

It is a rule with us, that whenever an opportunity offers of making known to our readers any new production of the 'children of genius,' we embrace that opportunity to impart that knowledge; and whenever we can conscientiously award praise to an author, we hail it to pay our unpurchased homage. It is not often that public journalists lend the sanction of their papers to publications of which they have not received a copy for review; and from what we know of the press, we strongly suspect that too often a book is either judged by the advertisements which precede or accompany it, than by its own merits. This is certainly not the case with the Northern Star; and though we should decline to give our unqualified approval to a book, we are always ready to lay before our readers the comments of our contemporaries, and the extracts they may favour the public with. The Hon. Mrs. Norton, by some devoted (according to the Athenaeum) the lyrics of British poetesses, has given to the world a poem entitled "The Child of the Islands." In relation to this poem we are exactly in the position above supposed. We have not seen it fully and completely. Our knowledge of its contents is confined to the extracts which have appeared in the Literary Gazette and Athenaeum.

It is a rule with us, that whenever an opportunity offers of making known to our readers any new production of the 'children of genius,' we embrace that opportunity to impart that knowledge; and whenever we can conscientiously award praise to an author, we hail it to pay our unpurchased homage. It is not often that public journalists lend the sanction of their papers to publications of which they have not received a copy for review; and from what we know of the press, we strongly suspect that too often a book is either judged by the advertisements which precede or accompany it, than by its own merits. This is certainly not the case with the Northern Star; and though we should decline to give our unqualified approval to a book, we are always ready to lay before our readers the comments of our contemporaries, and the extracts they may favour the public with. The Hon. Mrs. Norton, by some devoted (according to the Athenaeum) the lyrics of British poetesses, has given to the world a poem entitled "The Child of the Islands." In relation to this poem we are exactly in the position above supposed. We have not seen it fully and completely. Our knowledge of its contents is confined to the extracts which have appeared in the Literary Gazette and Athenaeum.

It is a rule with us, that whenever an opportunity offers of making known to our readers any new production of the 'children of genius,' we embrace that opportunity to impart that knowledge; and whenever we can conscientiously award praise to an author, we hail it to pay our unpurchased homage. It is not often that public journalists lend the sanction of their papers to publications of which they have not received a copy for review; and from what we know of the press, we strongly suspect that too often a book is either judged by the advertisements which precede or accompany it, than by its own merits. This is certainly not the case with the Northern Star; and though we should decline to give our unqualified approval to a book, we are always ready to lay before our readers the comments of our contemporaries, and the extracts they may favour the public with. The Hon. Mrs. Norton, by some devoted (according to the Athenaeum) the lyrics of British poetesses, has given to the world a poem entitled "The Child of the Islands." In relation to this poem we are exactly in the position above supposed. We have not seen it fully and completely. Our knowledge of its contents is confined to the extracts which have appeared in the Literary Gazette and Athenaeum.

It is a rule with us, that whenever an opportunity offers of making known to our readers any new production of the 'children of genius,' we embrace that opportunity to impart that knowledge; and whenever we can conscientiously award praise to an author, we hail it to pay our unpurchased homage. It is not often that public journalists lend the sanction of their papers to publications of which they have not received a copy for review; and from what we know of the press, we strongly suspect that too often a book is either judged by the advertisements which precede or accompany it, than by its own merits. This is certainly not the case with the Northern Star; and though we should decline to give our unqualified approval to a book, we are always ready to lay before our readers the comments of our contemporaries, and the extracts they may favour the public with. The Hon. Mrs. Norton, by some devoted (according to the Athenaeum) the lyrics of British poetesses, has given to the world a poem entitled "The Child of the Islands." In relation to this poem we are exactly in the position above supposed. We have not seen it fully and completely. Our knowledge of its contents is confined to the extracts which have appeared in the Literary Gazette and Athenaeum.

It is a rule with us, that whenever an opportunity offers of making known to our readers any new production of the 'children of genius,' we embrace that opportunity to impart that knowledge; and whenever we can conscientiously award praise to an author, we hail it to pay our unpurchased homage. It is not often that public journalists lend the sanction of their papers to publications of which they have not received a copy for review; and from what we know of the press, we strongly suspect that too often a book is either judged by the advertisements which precede or accompany it, than by its own merits. This is certainly not the case with the Northern Star; and though we should decline to give our unqualified approval to a book, we are always ready to lay before our readers the comments of our contemporaries, and the extracts they may favour the public with. The Hon. Mrs. Norton, by some devoted (according to the Athenaeum) the lyrics of British poetesses, has given to the world a poem entitled "The Child of the Islands." In relation to this poem we are exactly in the position above supposed. We have not seen it fully and completely. Our knowledge of its contents is confined to the extracts which have appeared in the Literary Gazette and Athenaeum.

It is a rule with us, that whenever an opportunity offers of making known to our readers any new production of the 'children of genius,' we embrace that opportunity to impart that knowledge; and whenever we can conscientiously award praise to an author, we hail it to pay our unpurchased homage. It is not often that public journalists lend the sanction of their papers to publications of which they have not received a copy for review; and from what we know of the press, we strongly suspect that too often a book is either judged by the advertisements which precede or accompany it, than by its own merits. This is certainly not the case with the Northern Star; and though we should decline to give our unqualified approval to a book, we are always ready to lay before our readers the comments of our contemporaries, and the extracts they may favour the public with. The Hon. Mrs. Norton, by some devoted (according to the Athenaeum) the lyrics of British poetesses, has given to the world a poem entitled "The Child of the Islands." In relation to this poem we are exactly in the position above supposed. We have not seen it fully and completely. Our knowledge of its contents is confined to the extracts which have appeared in the Literary Gazette and Athenaeum.

It is a rule with us, that whenever an opportunity offers of making known to our readers any new production of the 'children of genius,' we embrace that opportunity to impart that knowledge; and whenever we can conscientiously award praise to an author, we hail it to pay our unpurchased homage. It is not often that public journalists lend the sanction of their papers to publications of which they have not received a copy for review; and from what we know of the press, we strongly suspect that too often a book is either judged by the advertisements which precede or accompany it, than by its own merits. This is certainly not the case with the Northern Star; and though we should decline to give our unqualified approval to a book, we are always ready to lay before our readers the comments of our contemporaries, and the extracts they may favour the public with. The Hon. Mrs. Norton, by some devoted (according to the Athenaeum) the lyrics of British poetesses, has given to the world a poem entitled "The Child of the Islands." In relation to this poem we are exactly in the position above supposed. We have not seen it fully and completely. Our knowledge of its contents is confined to the extracts which have appeared in the Literary Gazette and Athenaeum.

It is a rule with us, that whenever an opportunity offers of making known to our readers any new production of the 'children of genius,' we embrace that opportunity to impart that knowledge; and whenever we can conscientiously award praise to an author, we hail it to pay our unpurchased homage. It is not often that public journalists lend the sanction of their papers to publications of which they have not received a copy for review; and from what we know of the press, we strongly suspect that too often a book is either judged by the advertisements which precede or accompany it, than by its own merits. This is certainly not the case with the Northern Star; and though we should decline to give our unqualified approval to a book, we are always ready to lay before our readers the comments of our contemporaries, and the extracts they may favour the public with. The Hon. Mrs. Norton, by some devoted (according to the Athenaeum) the lyrics of British poetesses, has given to the world a poem entitled "The Child of the Islands." In relation to this poem we are exactly in the position above supposed. We have not seen it fully and completely. Our knowledge of its contents is confined to the extracts which have appeared in the Literary Gazette and Athenaeum.

It is a rule with us, that whenever an opportunity offers of making known to our readers any new production of the 'children of genius,' we embrace that opportunity to impart that knowledge; and whenever we can conscientiously award praise to an author, we hail it to pay our unpurchased homage. It is not often that public journalists lend the sanction of their papers to publications of which they have not received a copy for review; and from what we know of the press, we strongly suspect that too often a book is either judged by the advertisements which precede or accompany it, than by its own merits. This is certainly not the case with the Northern Star; and though we should decline to give our unqualified approval to a book, we are always ready to lay before our readers the comments of our contemporaries, and the extracts they may favour the public with. The Hon. Mrs. Norton, by some devoted (according to the Athenaeum) the lyrics of British poetesses, has given to the world a poem entitled "The Child of the Islands." In relation to this poem we are exactly in the position above supposed. We have not seen it fully and completely. Our knowledge of its contents is confined to the extracts which have appeared in the Literary Gazette and Athenaeum.

The weekly meeting of this body was held on Monday in the Conciliation Hall, which was crowded in every part, and a degree of enthusiasm prevailed which fully equalled any witnessed there since the opening of the building.

It is a rule with us, that whenever an opportunity offers of making known to our readers any new production of the 'children of genius,' we embrace that opportunity to impart that knowledge; and whenever we can conscientiously award praise to an author, we hail it to pay our unpurchased homage. It is not often that public journalists lend the sanction of their papers to publications of which they have not received a copy for review; and from what we know of the press, we strongly suspect that too often a book is either judged by the advertisements which precede or accompany it, than by its own merits. This is certainly not the case with the Northern Star; and though we should decline to give our unqualified approval to a book, we are always ready to lay before our readers the comments of our contemporaries, and the extracts they may favour the public with. The Hon. Mrs. Norton, by some devoted (according to the Athenaeum) the lyrics of British poetesses, has given to the world a poem entitled "The Child of the Islands." In relation to this poem we are exactly in the position above supposed. We have not seen it fully and completely. Our knowledge of its contents is confined to the extracts which have appeared in the Literary Gazette and Athenaeum.

It is a rule with us, that whenever an opportunity offers of making known to our readers any new production of the 'children of genius,' we embrace that opportunity to impart that knowledge; and whenever we can conscientiously award praise to an author, we hail it to pay our unpurchased homage. It is not often that public journalists lend the sanction of their papers to publications of which they have not received a copy for review; and from what we know of the press, we strongly suspect that too often a book is either judged by the advertisements which precede or accompany it, than by its own merits. This is certainly not the case with the Northern Star; and though we should decline to give our unqualified approval to a book, we are always ready to lay before our readers the comments of our contemporaries, and the extracts they may favour the public with. The Hon. Mrs. Norton, by some devoted (according to the Athenaeum) the lyrics of British poetesses, has given to the world a poem entitled "The Child of the Islands." In relation to this poem we are exactly in the position above supposed. We have not seen it fully and completely. Our knowledge of its contents is confined to the extracts which have appeared in the Literary Gazette and Athenaeum.

Tit Bits.

As an "Abnormal Sufferer." — We were rather startled the other evening by the following announcement, which appeared in the Cork Examiner.

It is a rule with us, that whenever an opportunity offers of making known to our readers any new production of the 'children of genius,' we embrace that opportunity to impart that knowledge; and whenever we can conscientiously award praise to an author, we hail it to pay our unpurchased homage. It is not often that public journalists lend the sanction of their papers to publications of which they have not received a copy for review; and from what we know of the press, we strongly suspect that too often a book is either judged by the advertisements which precede or accompany it, than by its own merits. This is certainly not the case with the Northern Star; and though we should decline to give our unqualified approval to a book, we are always ready to lay before our readers the comments of our contemporaries, and the extracts they may favour the public with. The Hon. Mrs. Norton, by some devoted (according to the Athenaeum) the lyrics of British poetesses, has given to the world a poem entitled "The Child of the Islands." In relation to this poem we are exactly in the position above supposed. We have not seen it fully and completely. Our knowledge of its contents is confined to the extracts which have appeared in the Literary Gazette and Athenaeum.

It is a rule with us, that whenever an opportunity offers of making known to our readers any new production of the 'children of genius,' we embrace that opportunity to impart that knowledge; and whenever we can conscientiously award praise to an author, we hail it to pay our unpurchased homage. It is not often that public journalists lend the sanction of their papers to publications of which they have not received a copy for review; and from what we know of the press, we strongly suspect that too often a book is either judged by the advertisements which precede or accompany it, than by its own merits. This is certainly not the case with the Northern Star; and though we should decline to give our unqualified approval to a book, we are always ready to lay before our readers the comments of our contemporaries, and the extracts they may favour the public with. The Hon. Mrs. Norton, by some devoted (according to the Athenaeum) the lyrics of British poetesses, has given to the world a poem entitled "The Child of the Islands." In relation to this poem we are exactly in the position above supposed. We have not seen it fully and completely. Our knowledge of its contents is confined to the extracts which have appeared in the Literary Gazette and Athenaeum.

It is a rule with us, that whenever an opportunity offers of making known to our readers any new production of the 'children of genius,' we embrace that opportunity to impart that knowledge; and whenever we can conscientiously award praise to an author, we hail it to pay our unpurchased homage. It is not often that public journalists lend the sanction of their papers to publications of which they have not received a copy for review; and from what we know of the press, we strongly suspect that too often a book is either judged by the advertisements which precede or accompany it, than by its own merits. This is certainly not the case with the Northern Star; and though we should decline to give our unqualified approval to a book, we are always ready to lay before our readers the comments of our contemporaries, and the extracts they may favour the public with. The Hon. Mrs. Norton, by some devoted (according to the Athenaeum) the lyrics of British poetesses, has given to the world a poem entitled "The Child of the Islands." In relation to this poem we are exactly in the position above supposed. We have not seen it fully and completely. Our knowledge of its contents is confined to the extracts which have appeared in the Literary Gazette and Athenaeum.

It is a rule with us, that whenever an opportunity offers of making known to our readers any new production of the 'children of genius,' we embrace that opportunity to impart that knowledge; and whenever we can conscientiously award praise to an author, we hail it to pay our unpurchased homage. It is not often that public journalists lend the sanction of their papers to publications of which they have not received a copy for review; and from what we know of the press, we strongly suspect that too often a book is either judged by the advertisements which precede or accompany it, than by its own merits. This is certainly not the case with the Northern Star; and though we should decline to give our unqualified approval to a book, we are always ready to lay before our readers the comments of our contemporaries, and the extracts they may favour the public with. The Hon. Mrs. Norton, by some devoted (according to the Athenaeum) the lyrics of British poetesses, has given to the world a poem entitled "The Child of the Islands." In relation to this poem we are exactly in the position above supposed. We have not seen it fully and completely. Our knowledge of its contents is confined to the extracts which have appeared in the Literary Gazette and Athenaeum.

It is a rule with us, that whenever an opportunity offers of making known to our readers any new production of the 'children of genius,' we embrace that opportunity to impart that knowledge; and whenever we can conscientiously award praise to an author, we hail it to pay our unpurchased homage. It is not often that public journalists lend the sanction of their papers to publications of which they have not received a copy for review; and from what we know of the press, we strongly suspect that too often a book is either judged by the advertisements which precede or accompany it, than by its own merits. This is certainly not the case with the Northern Star; and though we should decline to give our unqualified approval to a book, we are always ready to lay before our readers the comments of our contemporaries, and the extracts they may favour the public with. The Hon. Mrs. Norton, by some devoted (according to the Athenaeum) the lyrics of British poetesses, has given to the world a poem entitled "The Child of the Islands." In relation to this poem we are exactly in the position above supposed. We have not seen it fully and completely. Our knowledge of its contents is confined to the extracts which have appeared in the Literary Gazette and Athenaeum.

It is a rule with us, that whenever an opportunity offers of making known to our readers any new production of the 'children of genius,' we embrace that opportunity to impart that knowledge; and whenever we can conscientiously award praise to an author, we hail it to pay our unpurchased homage. It is not often that public journalists lend the sanction of their papers to publications of which they have not received a copy for review; and from what we know of the press, we strongly suspect that too often a book is either judged by the advertisements which precede or accompany it, than by its own merits. This is certainly not the case with the Northern Star; and though we should decline to give our unqualified approval to a book, we are always ready to lay before our readers the comments of our contemporaries, and the extracts they may favour the public with. The Hon. Mrs. Norton, by some devoted (according to the Athenaeum) the lyrics of British poetesses, has given to the world a poem entitled "The Child of the Islands." In relation to this poem we are exactly in the position above supposed. We have not seen it fully and completely. Our knowledge of its contents is confined to the extracts which have appeared in the Literary Gazette and Athenaeum.

It is a rule with us, that whenever an opportunity offers of making known to our readers any new production of the 'children of genius,' we embrace that opportunity to impart that knowledge; and whenever we can conscientiously award praise to an author, we hail it to pay our unpurchased homage. It is not often that public journalists lend the sanction of their papers to publications of which they have not received a copy for review; and from what we know of the press, we strongly suspect that too often a book is either judged by the advertisements which precede or accompany it, than by its own merits. This is certainly not the case with the Northern Star; and though we should decline to give our unqualified approval to a book, we are always ready to lay before our readers the comments of our contemporaries, and the extracts they may favour the public with. The Hon. Mrs. Norton, by some devoted (according to the Athenaeum) the lyrics of British poetesses, has given to the world a poem entitled "The Child of the Islands." In relation to this poem we are exactly in the position above supposed. We have not seen it fully and completely. Our knowledge of its contents is confined to the extracts which have appeared in the Literary Gazette and Athenaeum.

It is a rule with us, that whenever an opportunity offers of making known to our readers any new production of the 'children of genius,' we embrace that opportunity to impart that knowledge; and whenever we can conscientiously award praise to an author, we hail it to pay our unpurchased homage. It is not often that public journalists lend the sanction of their papers to publications of which they have not received a copy for review; and from what we know of the press, we strongly suspect that too often a book is either judged by the advertisements which precede or accompany it, than by its own merits. This is certainly not the case with the Northern Star; and though we should decline to give our unqualified approval to a book, we are always ready to lay before our readers the comments of our contemporaries, and the extracts they may favour the public with. The Hon. Mrs. Norton, by some devoted (according to the Athenaeum) the lyrics of British poetesses, has given to the world a poem entitled "The Child of the Islands." In relation to this poem we are exactly in the position above supposed. We have not seen it fully and completely. Our knowledge of its contents is confined to the extracts which have appeared in the Literary Gazette and Athenaeum.

STAR
